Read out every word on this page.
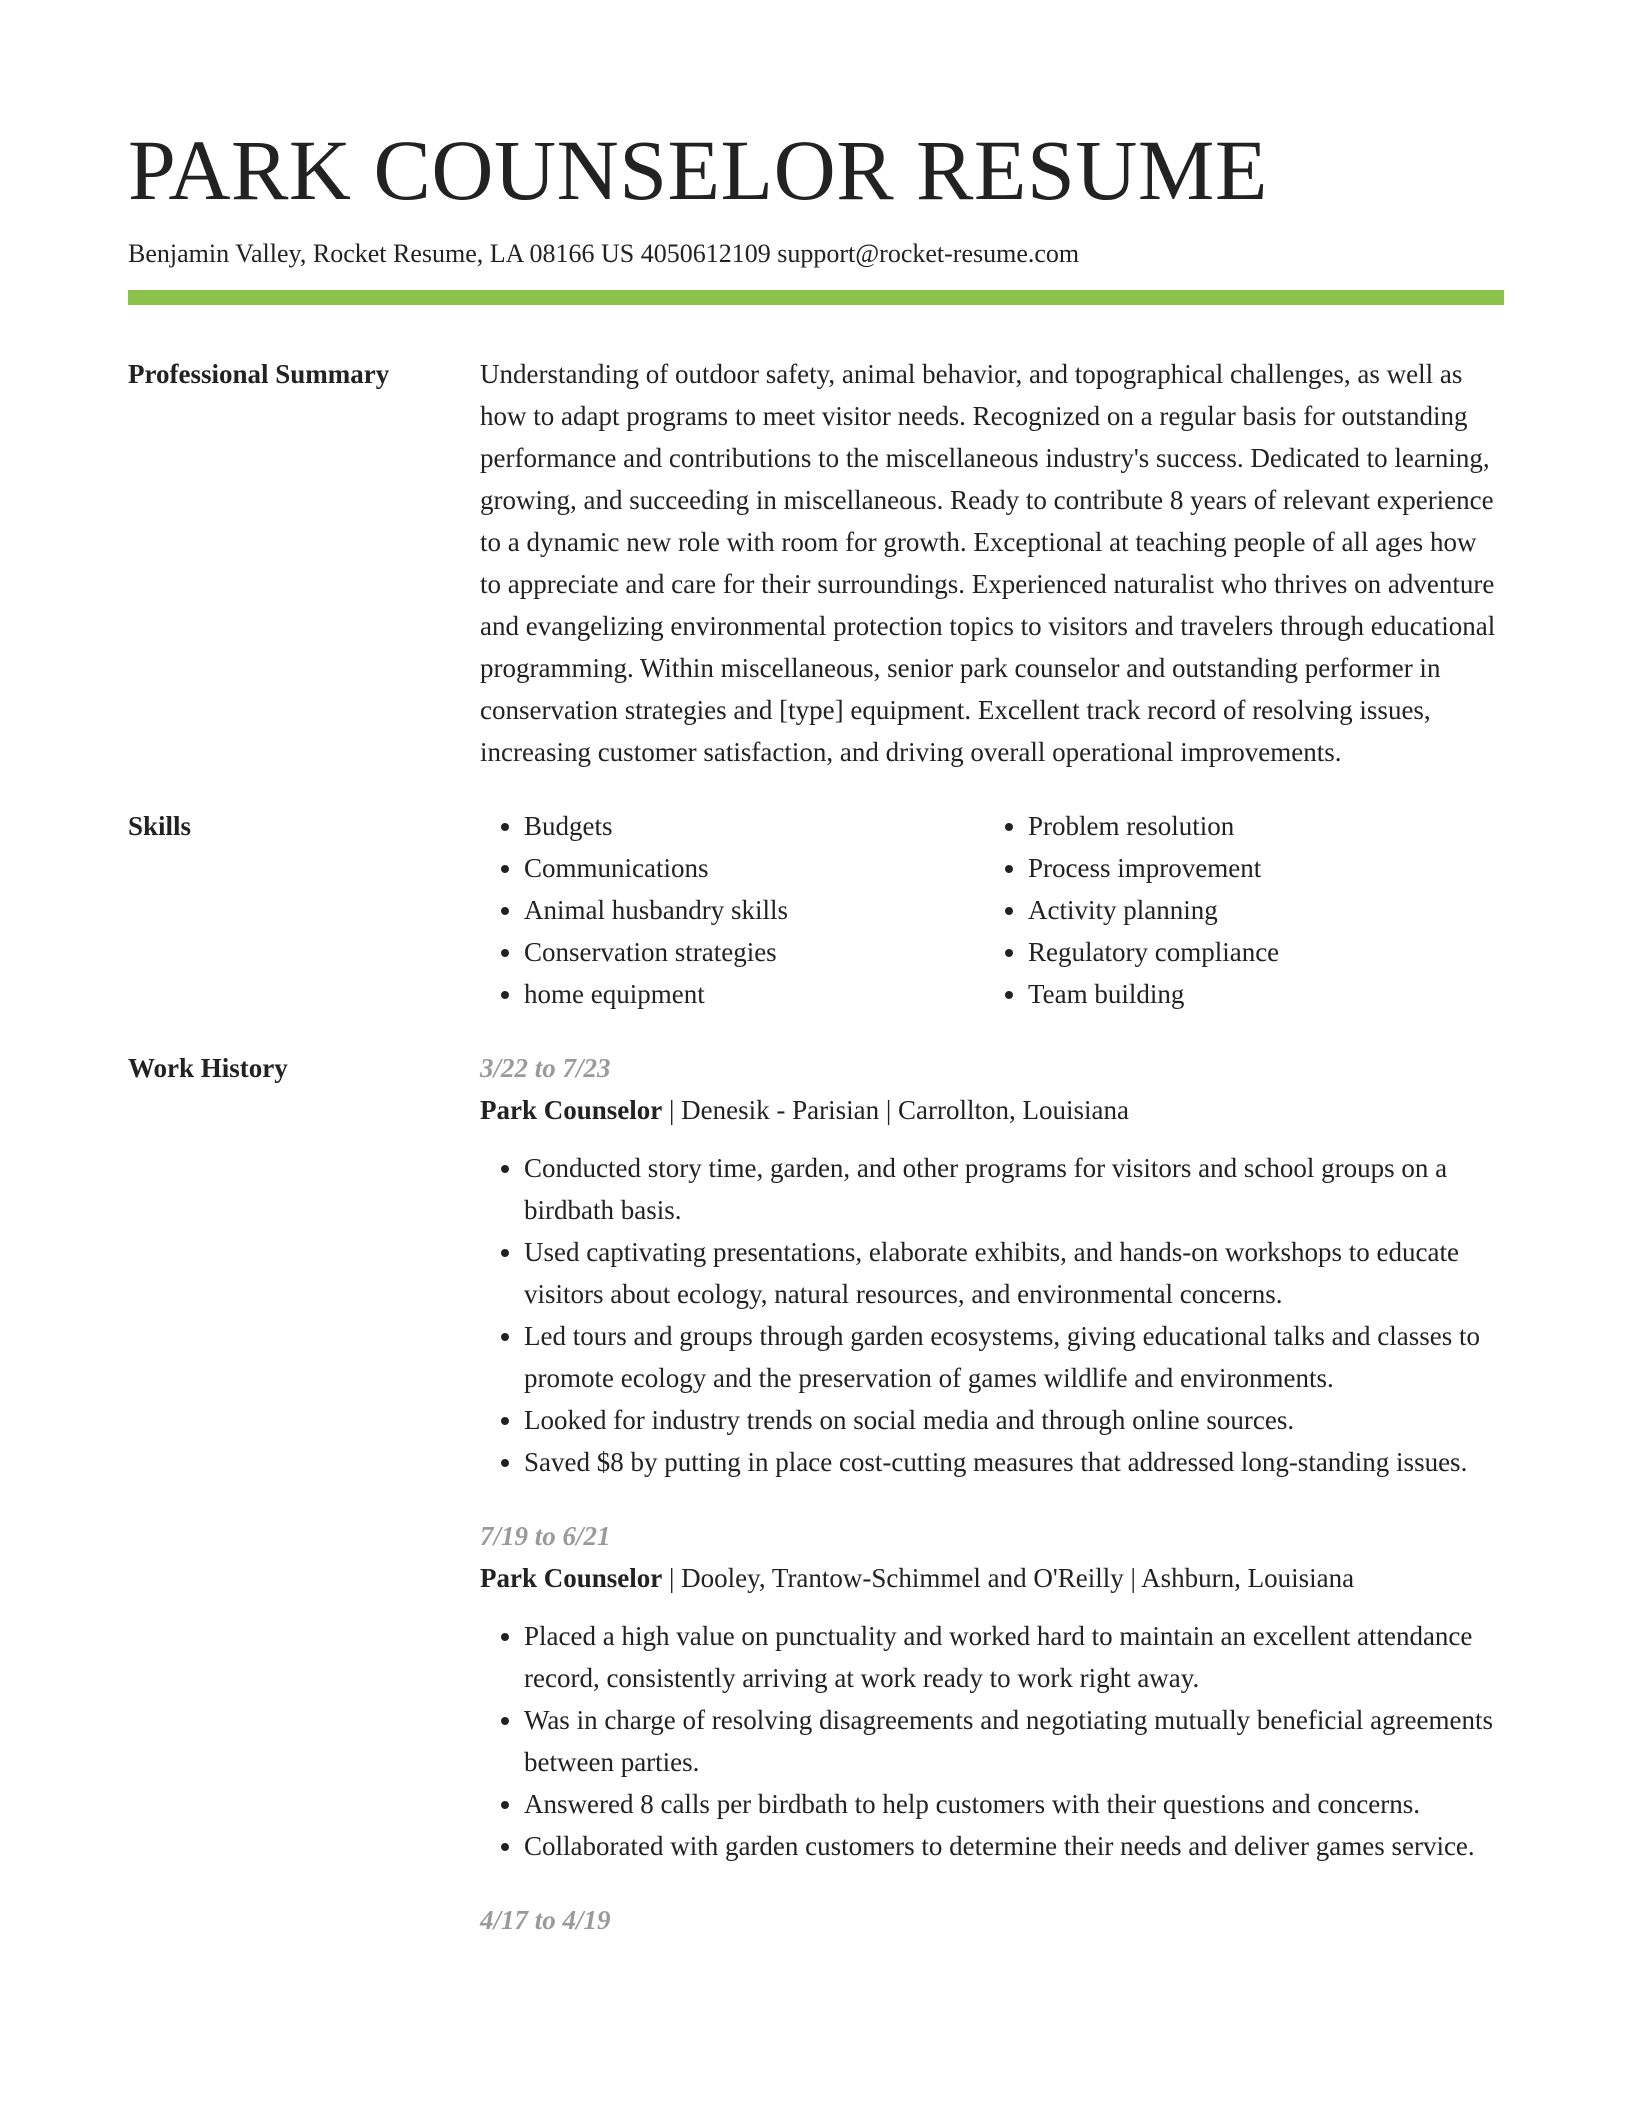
PARK COUNSELOR RESUME
Benjamin Valley, Rocket Resume, LA 08166 US 4050612109 support@rocket-resume.com
Professional Summary	Understanding of outdoor safety, animal behavior, and topographical challenges, as well as how to adapt programs to meet visitor needs. Recognized on a regular basis for outstanding performance and contributions to the miscellaneous industry's success. Dedicated to learning, growing, and succeeding in miscellaneous. Ready to contribute 8 years of relevant experience to a dynamic new role with room for growth. Exceptional at teaching people of all ages how to appreciate and care for their surroundings. Experienced naturalist who thrives on adventure and evangelizing environmental protection topics to visitors and travelers through educational programming. Within miscellaneous, senior park counselor and outstanding performer in conservation strategies and [type] equipment. Excellent track record of resolving issues, increasing customer satisfaction, and driving overall operational improvements.

Skills
•	Budgets
• Communications
• Animal husbandry skills
• Conservation strategies
• home equipment
• Problem resolution
• Process improvement
• Activity planning
• Regulatory compliance
• Team building
Work History	3/22 to 7/23
Park Counselor | Denesik - Parisian | Carrollton, Louisiana
• Conducted story time, garden, and other programs for visitors and school groups on a birdbath basis.
• Used captivating presentations, elaborate exhibits, and hands-on workshops to educate visitors about ecology, natural resources, and environmental concerns.
• Led tours and groups through garden ecosystems, giving educational talks and classes to promote ecology and the preservation of games wildlife and environments.
• Looked for industry trends on social media and through online sources.
• Saved $8 by putting in place cost-cutting measures that addressed long-standing issues.
7/19 to 6/21
Park Counselor | Dooley, Trantow-Schimmel and O'Reilly | Ashburn, Louisiana
• Placed a high value on punctuality and worked hard to maintain an excellent attendance record, consistently arriving at work ready to work right away.
• Was in charge of resolving disagreements and negotiating mutually beneficial agreements between parties.
• Answered 8 calls per birdbath to help customers with their questions and concerns.
• Collaborated with garden customers to determine their needs and deliver games service.
4/17 to 4/19
